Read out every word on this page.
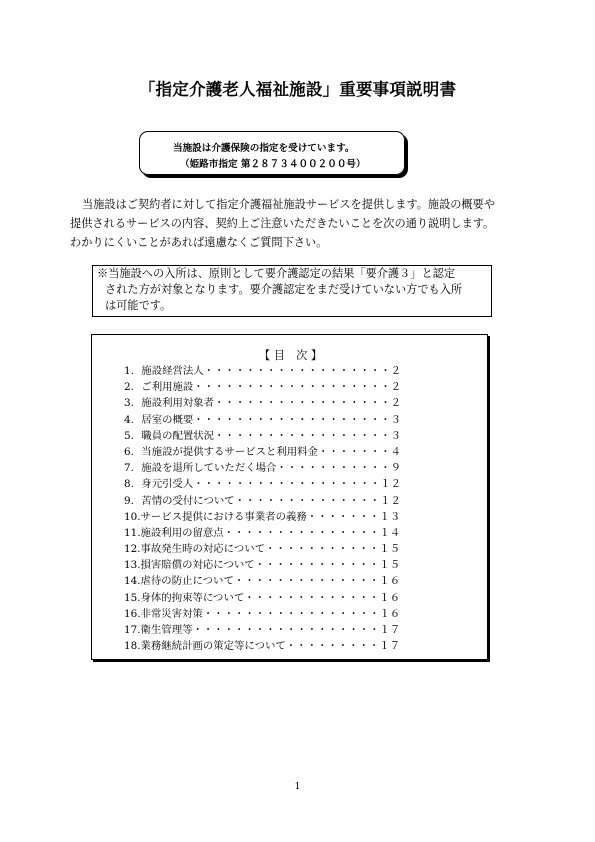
「指定介護老人福祉施設」重要事項説明書
当施設は介護保険の指定を受けています。
（姫路市指定 第２８７３４００２００号）

当施設はご契約者に対して指定介護福祉施設サービスを提供します。施設の概要や

提供されるサービスの内容、契約上ご注意いただきたいことを次の通り説明します。

わかりにくいことがあれば遠慮なくご質問下さい。

※当施設への入所は、原則として要介護認定の結果「要介護３」と認定

された方が対象となります。要介護認定をまだ受けていない方でも入所

は可能です。

【 目　次 】
1. 施設経営法人・・・・・・・・・・・・・・・・・・２
2. ご利用施設・・・・・・・・・・・・・・・・・・・２
3. 施設利用対象者・・・・・・・・・・・・・・・・・２
4. 居室の概要・・・・・・・・・・・・・・・・・・・３
5. 職員の配置状況・・・・・・・・・・・・・・・・・３
6. 当施設が提供するサービスと利用料金・・・・・・・４
7. 施設を退所していただく場合・・・・・・・・・・・９
8. 身元引受人・・・・・・・・・・・・・・・・・・１２
9. 苦情の受付について・・・・・・・・・・・・・・１２
10.サービス提供における事業者の義務・・・・・・・１３
11.施設利用の留意点・・・・・・・・・・・・・・・１４
12.事故発生時の対応について・・・・・・・・・・・１５
13.損害賠償の対応について・・・・・・・・・・・・１５
14.虐待の防止について・・・・・・・・・・・・・・１６
15.身体的拘束等について・・・・・・・・・・・・・１６
16.非常災害対策・・・・・・・・・・・・・・・・・１６
17.衛生管理等・・・・・・・・・・・・・・・・・・１７
18.業務継続計画の策定等について・・・・・・・・・１７
1
